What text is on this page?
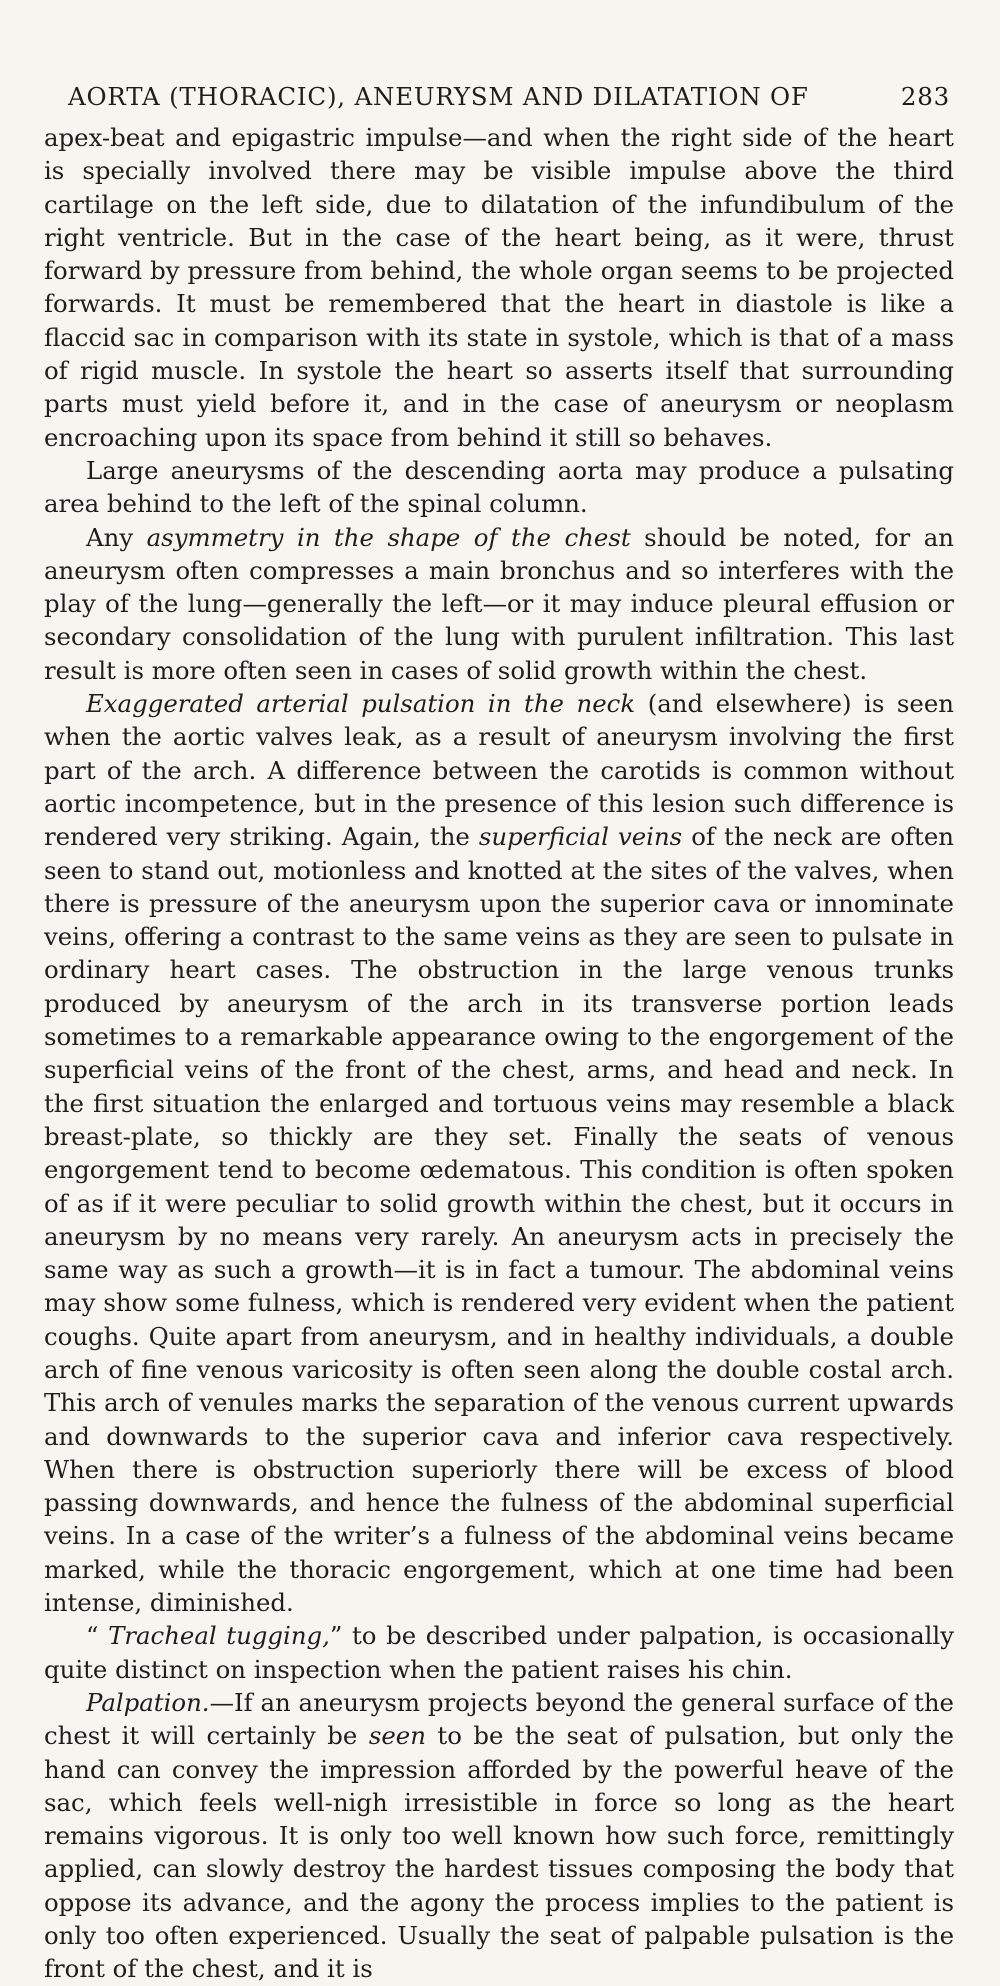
AORTA (THORACIC), ANEURYSM AND DILATATION OF	283

apex-beat and epigastric impulse—and when the right side of the heart is specially involved there may be visible impulse above the third cartilage on the left side, due to dilatation of the infundibulum of the right ventricle. But in the case of the heart being, as it were, thrust forward by pressure from behind, the whole organ seems to be projected forwards. It must be remembered that the heart in diastole is like a flaccid sac in comparison with its state in systole, which is that of a mass of rigid muscle. In systole the heart so asserts itself that surrounding parts must yield before it, and in the case of aneurysm or neoplasm encroaching upon its space from behind it still so behaves.

Large aneurysms of the descending aorta may produce a pulsating area behind to the left of the spinal column.

Any asymmetry in the shape of the chest should be noted, for an aneurysm often compresses a main bronchus and so interferes with the play of the lung—generally the left—or it may induce pleural effusion or secondary consolidation of the lung with purulent infiltration. This last result is more often seen in cases of solid growth within the chest.

Exaggerated arterial pulsation in the neck (and elsewhere) is seen when the aortic valves leak, as a result of aneurysm involving the first part of the arch. A difference between the carotids is common without aortic incompetence, but in the presence of this lesion such difference is rendered very striking. Again, the superficial veins of the neck are often seen to stand out, motionless and knotted at the sites of the valves, when there is pressure of the aneurysm upon the superior cava or innominate veins, offering a contrast to the same veins as they are seen to pulsate in ordinary heart cases. The obstruction in the large venous trunks produced by aneurysm of the arch in its transverse portion leads sometimes to a remarkable appearance owing to the engorgement of the superficial veins of the front of the chest, arms, and head and neck. In the first situation the enlarged and tortuous veins may resemble a black breast-plate, so thickly are they set. Finally the seats of venous engorgement tend to become œdematous. This condition is often spoken of as if it were peculiar to solid growth within the chest, but it occurs in aneurysm by no means very rarely. An aneurysm acts in precisely the same way as such a growth—it is in fact a tumour. The abdominal veins may show some fulness, which is rendered very evident when the patient coughs. Quite apart from aneurysm, and in healthy individuals, a double arch of fine venous varicosity is often seen along the double costal arch. This arch of venules marks the separation of the venous current upwards and downwards to the superior cava and inferior cava respectively. When there is obstruction superiorly there will be excess of blood passing downwards, and hence the fulness of the abdominal superficial veins. In a case of the writer’s a fulness of the abdominal veins became marked, while the thoracic engorgement, which at one time had been intense, diminished.

“ Tracheal tugging,” to be described under palpation, is occasionally quite distinct on inspection when the patient raises his chin.

Palpation.—If an aneurysm projects beyond the general surface of the chest it will certainly be seen to be the seat of pulsation, but only the hand can convey the impression afforded by the powerful heave of the sac, which feels well-nigh irresistible in force so long as the heart remains vigorous. It is only too well known how such force, remittingly applied, can slowly destroy the hardest tissues composing the body that oppose its advance, and the agony the process implies to the patient is only too often experienced. Usually the seat of palpable pulsation is the front of the chest, and it is
